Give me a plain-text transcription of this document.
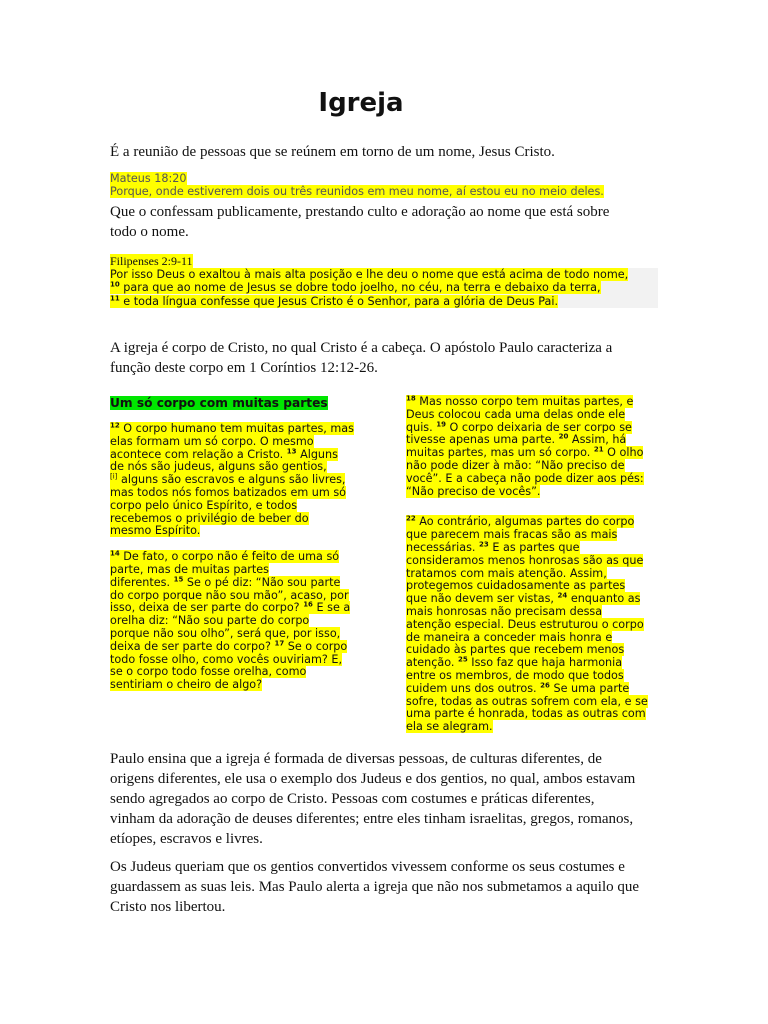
Igreja
É a reunião de pessoas que se reúnem em torno de um nome, Jesus Cristo.
Mateus 18:20
Porque, onde estiverem dois ou três reunidos em meu nome, aí estou eu no meio deles.
Que o confessam publicamente, prestando culto e adoração ao nome que está sobre
todo o nome.
Filipenses 2:9-11
Por isso Deus o exaltou à mais alta posição e lhe deu o nome que está acima de todo nome,
$^{10}$ para que ao nome de Jesus se dobre todo joelho, no céu, na terra e debaixo da terra,
$^{11}$ e toda língua confesse que Jesus Cristo é o Senhor, para a glória de Deus Pai.
A igreja é corpo de Cristo, no qual Cristo é a cabeça. O apóstolo Paulo caracteriza a
função deste corpo em 1 Coríntios 12:12-26.
Um só corpo com muitas partes
$^{12}$ O corpo humano tem muitas partes, mas
elas formam um só corpo. O mesmo
acontece com relação a Cristo. $^{13}$ Alguns
de nós são judeus, alguns são gentios,
[i] alguns são escravos e alguns são livres,
mas todos nós fomos batizados em um só
corpo pelo único Espírito, e todos
recebemos o privilégio de beber do
mesmo Espírito.
$^{14}$ De fato, o corpo não é feito de uma só
parte, mas de muitas partes
diferentes. $^{15}$ Se o pé diz: “Não sou parte
do corpo porque não sou mão”, acaso, por
isso, deixa de ser parte do corpo? $^{16}$ E se a
orelha diz: “Não sou parte do corpo
porque não sou olho”, será que, por isso,
deixa de ser parte do corpo? $^{17}$ Se o corpo
todo fosse olho, como vocês ouviriam? E,
se o corpo todo fosse orelha, como
sentiriam o cheiro de algo?
$^{18}$ Mas nosso corpo tem muitas partes, e
Deus colocou cada uma delas onde ele
quis. $^{19}$ O corpo deixaria de ser corpo se
tivesse apenas uma parte. $^{20}$ Assim, há
muitas partes, mas um só corpo. $^{21}$ O olho
não pode dizer à mão: “Não preciso de
você”. E a cabeça não pode dizer aos pés:
“Não preciso de vocês”.
$^{22}$ Ao contrário, algumas partes do corpo
que parecem mais fracas são as mais
necessárias. $^{23}$ E as partes que
consideramos menos honrosas são as que
tratamos com mais atenção. Assim,
protegemos cuidadosamente as partes
que não devem ser vistas, $^{24}$ enquanto as
mais honrosas não precisam dessa
atenção especial. Deus estruturou o corpo
de maneira a conceder mais honra e
cuidado às partes que recebem menos
atenção. $^{25}$ Isso faz que haja harmonia
entre os membros, de modo que todos
cuidem uns dos outros. $^{26}$ Se uma parte
sofre, todas as outras sofrem com ela, e se
uma parte é honrada, todas as outras com
ela se alegram.
Paulo ensina que a igreja é formada de diversas pessoas, de culturas diferentes, de
origens diferentes, ele usa o exemplo dos Judeus e dos gentios, no qual, ambos estavam
sendo agregados ao corpo de Cristo. Pessoas com costumes e práticas diferentes,
vinham da adoração de deuses diferentes; entre eles tinham israelitas, gregos, romanos,
etíopes, escravos e livres.
Os Judeus queriam que os gentios convertidos vivessem conforme os seus costumes e
guardassem as suas leis. Mas Paulo alerta a igreja que não nos submetamos a aquilo que
Cristo nos libertou.
